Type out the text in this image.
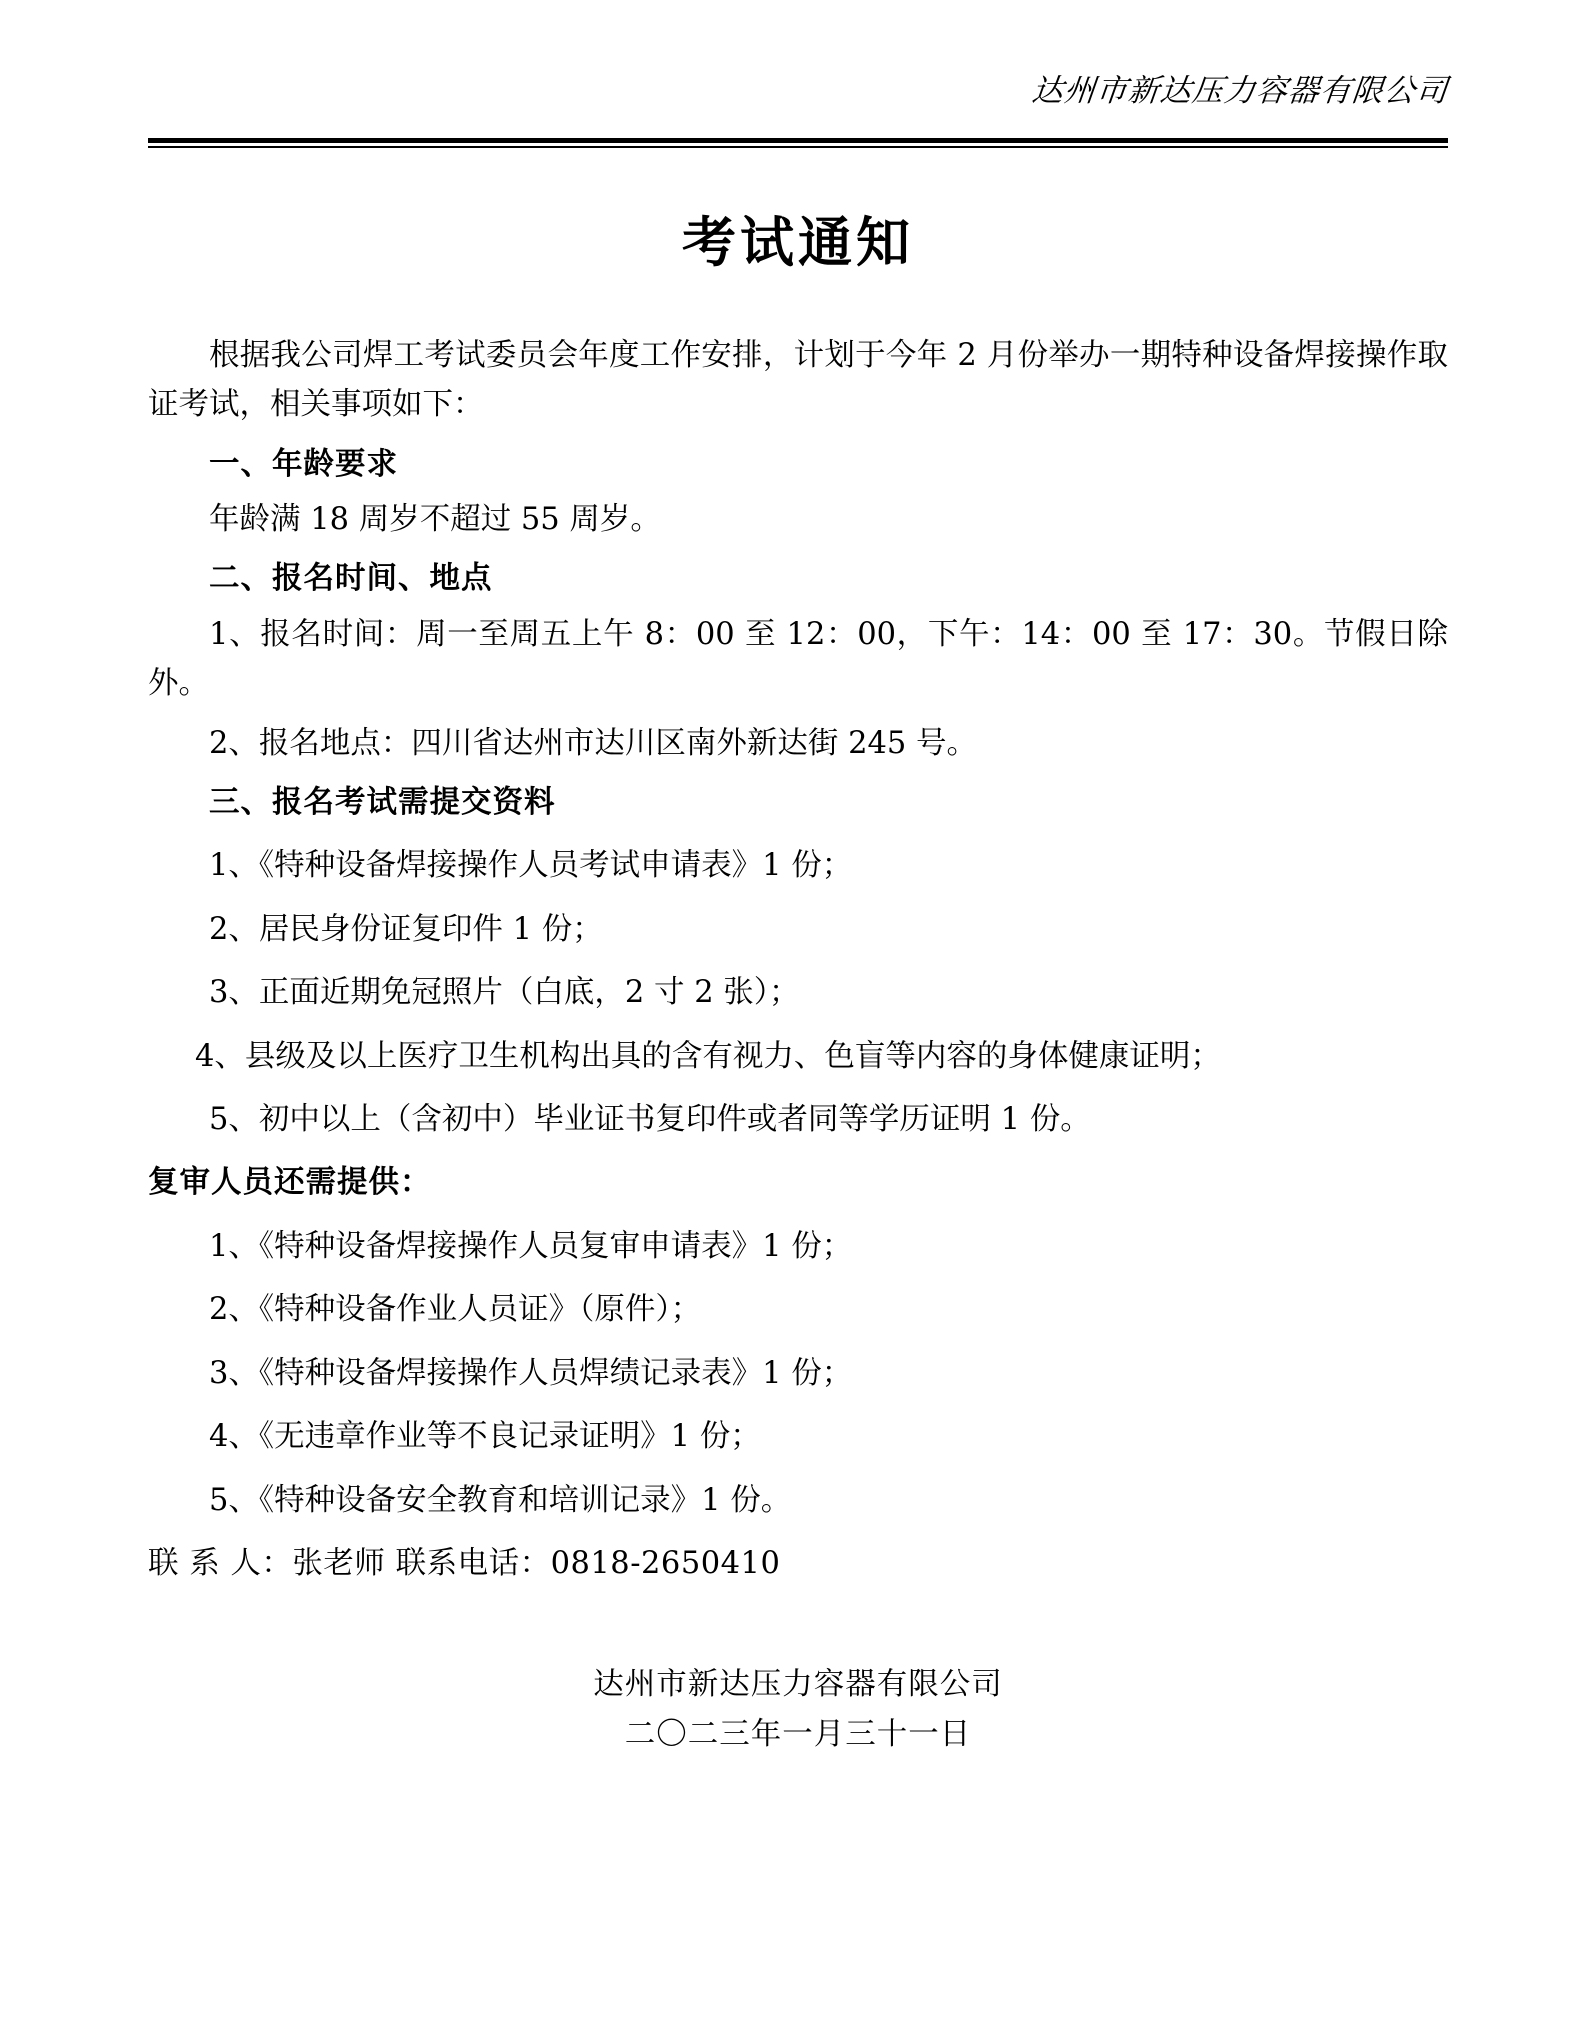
达州市新达压力容器有限公司
考试通知

根据我公司焊工考试委员会年度工作安排，计划于今年 2 月份举办一期特种设备焊接操作取证考试，相关事项如下：

一、年龄要求

年龄满 18 周岁不超过 55 周岁。

二、报名时间、地点

1、报名时间：周一至周五上午 8：00 至 12：00，下午：14：00 至 17：30。节假日除外。

2、报名地点：四川省达州市达川区南外新达街 245 号。

三、报名考试需提交资料

1、《特种设备焊接操作人员考试申请表》1 份；

2、居民身份证复印件 1 份；

3、正面近期免冠照片（白底，2 寸 2 张）；

4、县级及以上医疗卫生机构出具的含有视力、色盲等内容的身体健康证明；

5、初中以上（含初中）毕业证书复印件或者同等学历证明 1 份。

复审人员还需提供：

1、《特种设备焊接操作人员复审申请表》1 份；

2、《特种设备作业人员证》（原件）；

3、《特种设备焊接操作人员焊绩记录表》1 份；

4、《无违章作业等不良记录证明》1 份；

5、《特种设备安全教育和培训记录》1 份。

联 系 人：张老师 联系电话：0818-2650410

达州市新达压力容器有限公司

二〇二三年一月三十一日
